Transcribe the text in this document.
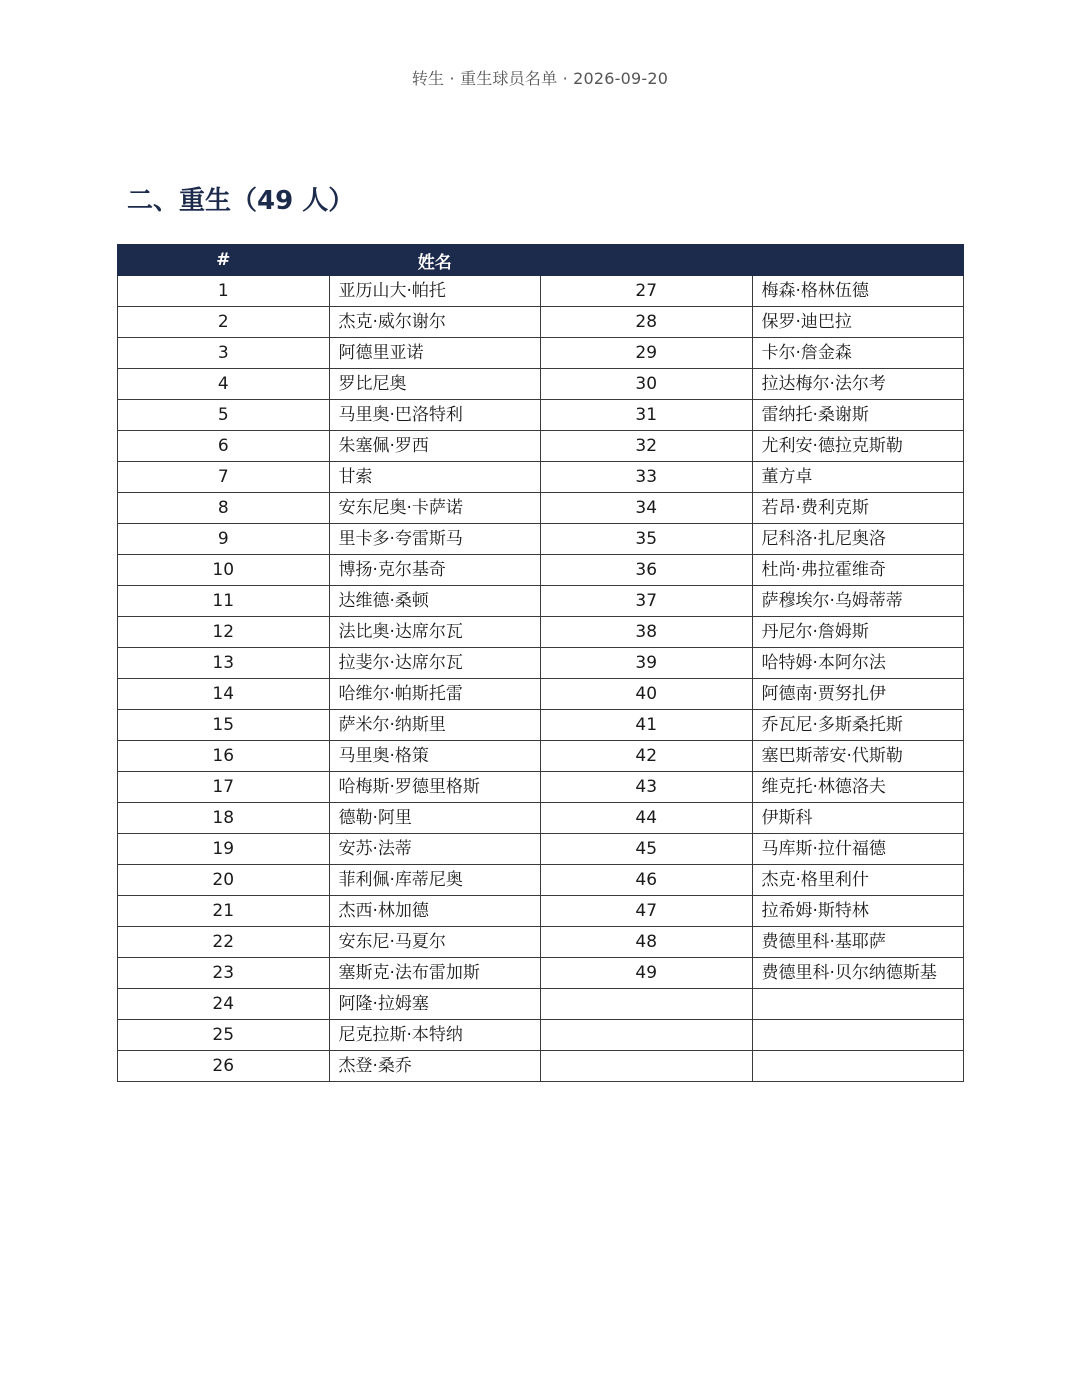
转生 · 重生球员名单 · 2026-09-20
二、重生（49 人）
#	姓名		
1	亚历山大·帕托	27	梅森·格林伍德
2	杰克·威尔谢尔	28	保罗·迪巴拉
3	阿德里亚诺	29	卡尔·詹金森
4	罗比尼奥	30	拉达梅尔·法尔考
5	马里奥·巴洛特利	31	雷纳托·桑谢斯
6	朱塞佩·罗西	32	尤利安·德拉克斯勒
7	甘索	33	董方卓
8	安东尼奥·卡萨诺	34	若昂·费利克斯
9	里卡多·夸雷斯马	35	尼科洛·扎尼奥洛
10	博扬·克尔基奇	36	杜尚·弗拉霍维奇
11	达维德·桑顿	37	萨穆埃尔·乌姆蒂蒂
12	法比奥·达席尔瓦	38	丹尼尔·詹姆斯
13	拉斐尔·达席尔瓦	39	哈特姆·本阿尔法
14	哈维尔·帕斯托雷	40	阿德南·贾努扎伊
15	萨米尔·纳斯里	41	乔瓦尼·多斯桑托斯
16	马里奥·格策	42	塞巴斯蒂安·代斯勒
17	哈梅斯·罗德里格斯	43	维克托·林德洛夫
18	德勒·阿里	44	伊斯科
19	安苏·法蒂	45	马库斯·拉什福德
20	菲利佩·库蒂尼奥	46	杰克·格里利什
21	杰西·林加德	47	拉希姆·斯特林
22	安东尼·马夏尔	48	费德里科·基耶萨
23	塞斯克·法布雷加斯	49	费德里科·贝尔纳德斯基
24	阿隆·拉姆塞		
25	尼克拉斯·本特纳		
26	杰登·桑乔		
